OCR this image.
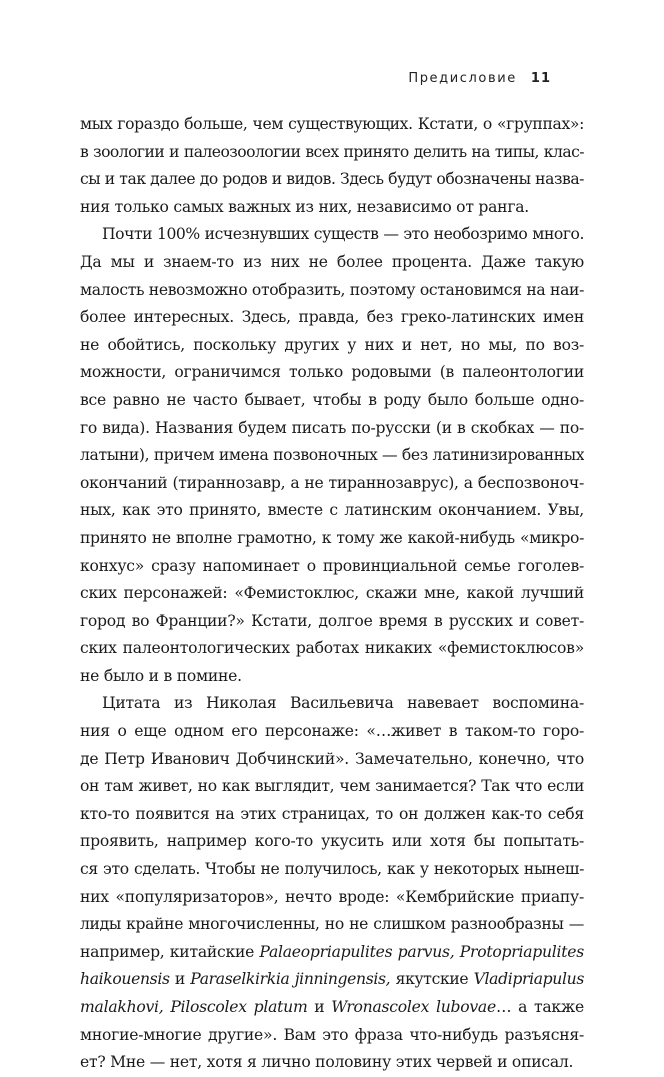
Предисловие 11
мых гораздо больше, чем существующих. Кстати, о «группах»:
в зоологии и палеозоологии всех принято делить на типы, клас-
сы и так далее до родов и видов. Здесь будут обозначены назва-
ния только самых важных из них, независимо от ранга.
Почти 100% исчезнувших существ — это необозримо много.
Да мы и знаем-то из них не более процента. Даже такую
малость невозможно отобразить, поэтому остановимся на наи-
более интересных. Здесь, правда, без греко-латинских имен
не обойтись, поскольку других у них и нет, но мы, по воз-
можности, ограничимся только родовыми (в палеонтологии
все равно не часто бывает, чтобы в роду было больше одно-
го вида). Названия будем писать по-русски (и в скобках — по-
латыни), причем имена позвоночных — без латинизированных
окончаний (тираннозавр, а не тираннозаврус), а беспозвоноч-
ных, как это принято, вместе с латинским окончанием. Увы,
принято не вполне грамотно, к тому же какой-нибудь «микро-
конхус» сразу напоминает о провинциальной семье гоголев-
ских персонажей: «Фемистоклюс, скажи мне, какой лучший
город во Франции?» Кстати, долгое время в русских и совет-
ских палеонтологических работах никаких «фемистоклюсов»
не было и в помине.
Цитата из Николая Васильевича навевает воспомина-
ния о еще одном его персонаже: «…живет в таком-то горо-
де Петр Иванович Добчинский». Замечательно, конечно, что
он там живет, но как выглядит, чем занимается? Так что если
кто-то появится на этих страницах, то он должен как-то себя
проявить, например кого-то укусить или хотя бы попытать-
ся это сделать. Чтобы не получилось, как у некоторых нынеш-
них «популяризаторов», нечто вроде: «Кембрийские приапу-
лиды крайне многочисленны, но не слишком разнообразны —
например, китайские Palaeopriapulites parvus, Protopriapulites
haikouensis и Paraselkirkia jinningensis, якутские Vladipriapulus
malakhovi, Piloscolex platum и Wronascolex lubovae… а также
многие-многие другие». Вам это фраза что-нибудь разъясня-
ет? Мне — нет, хотя я лично половину этих червей и описал.
